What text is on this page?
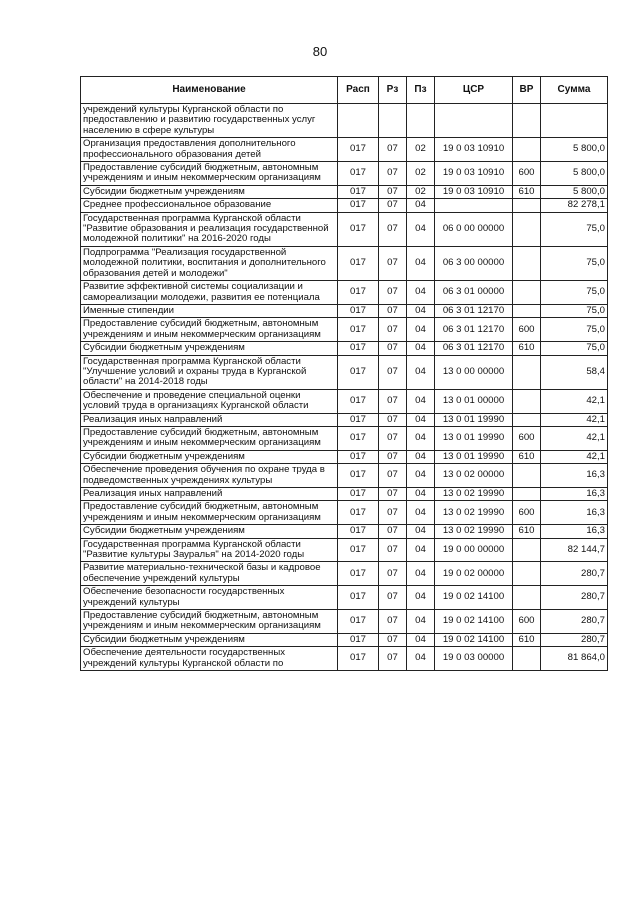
80
Наименование	Расп	Рз	Пз	ЦСР	ВР	Сумма
учреждений культуры Курганской области по предоставлению и развитию государственных услуг населению в сфере культуры						
Организация предоставления дополнительного профессионального образования детей	017	07	02	19 0 03 10910		5 800,0
Предоставление субсидий бюджетным, автономным учреждениям и иным некоммерческим организациям	017	07	02	19 0 03 10910	600	5 800,0
Субсидии бюджетным учреждениям	017	07	02	19 0 03 10910	610	5 800,0
Среднее профессиональное образование	017	07	04			82 278,1
Государственная программа Курганской области "Развитие образования и реализация государственной молодежной политики" на 2016-2020 годы	017	07	04	06 0 00 00000		75,0
Подпрограмма "Реализация государственной молодежной политики, воспитания и дополнительного образования детей и молодежи"	017	07	04	06 3 00 00000		75,0
Развитие эффективной системы социализации и самореализации молодежи, развития ее потенциала	017	07	04	06 3 01 00000		75,0
Именные стипендии	017	07	04	06 3 01 12170		75,0
Предоставление субсидий бюджетным, автономным учреждениям и иным некоммерческим организациям	017	07	04	06 3 01 12170	600	75,0
Субсидии бюджетным учреждениям	017	07	04	06 3 01 12170	610	75,0
Государственная программа Курганской области "Улучшение условий и охраны труда в Курганской области" на 2014-2018 годы	017	07	04	13 0 00 00000		58,4
Обеспечение и проведение специальной оценки условий труда в организациях Курганской области	017	07	04	13 0 01 00000		42,1
Реализация иных направлений	017	07	04	13 0 01 19990		42,1
Предоставление субсидий бюджетным, автономным учреждениям и иным некоммерческим организациям	017	07	04	13 0 01 19990	600	42,1
Субсидии бюджетным учреждениям	017	07	04	13 0 01 19990	610	42,1
Обеспечение проведения обучения по охране труда в подведомственных учреждениях культуры	017	07	04	13 0 02 00000		16,3
Реализация иных направлений	017	07	04	13 0 02 19990		16,3
Предоставление субсидий бюджетным, автономным учреждениям и иным некоммерческим организациям	017	07	04	13 0 02 19990	600	16,3
Субсидии бюджетным учреждениям	017	07	04	13 0 02 19990	610	16,3
Государственная программа Курганской области "Развитие культуры Зауралья" на 2014-2020 годы	017	07	04	19 0 00 00000		82 144,7
Развитие материально-технической базы и кадровое обеспечение учреждений культуры	017	07	04	19 0 02 00000		280,7
Обеспечение безопасности государственных учреждений культуры	017	07	04	19 0 02 14100		280,7
Предоставление субсидий бюджетным, автономным учреждениям и иным некоммерческим организациям	017	07	04	19 0 02 14100	600	280,7
Субсидии бюджетным учреждениям	017	07	04	19 0 02 14100	610	280,7
Обеспечение деятельности государственных учреждений культуры Курганской области по	017	07	04	19 0 03 00000		81 864,0
